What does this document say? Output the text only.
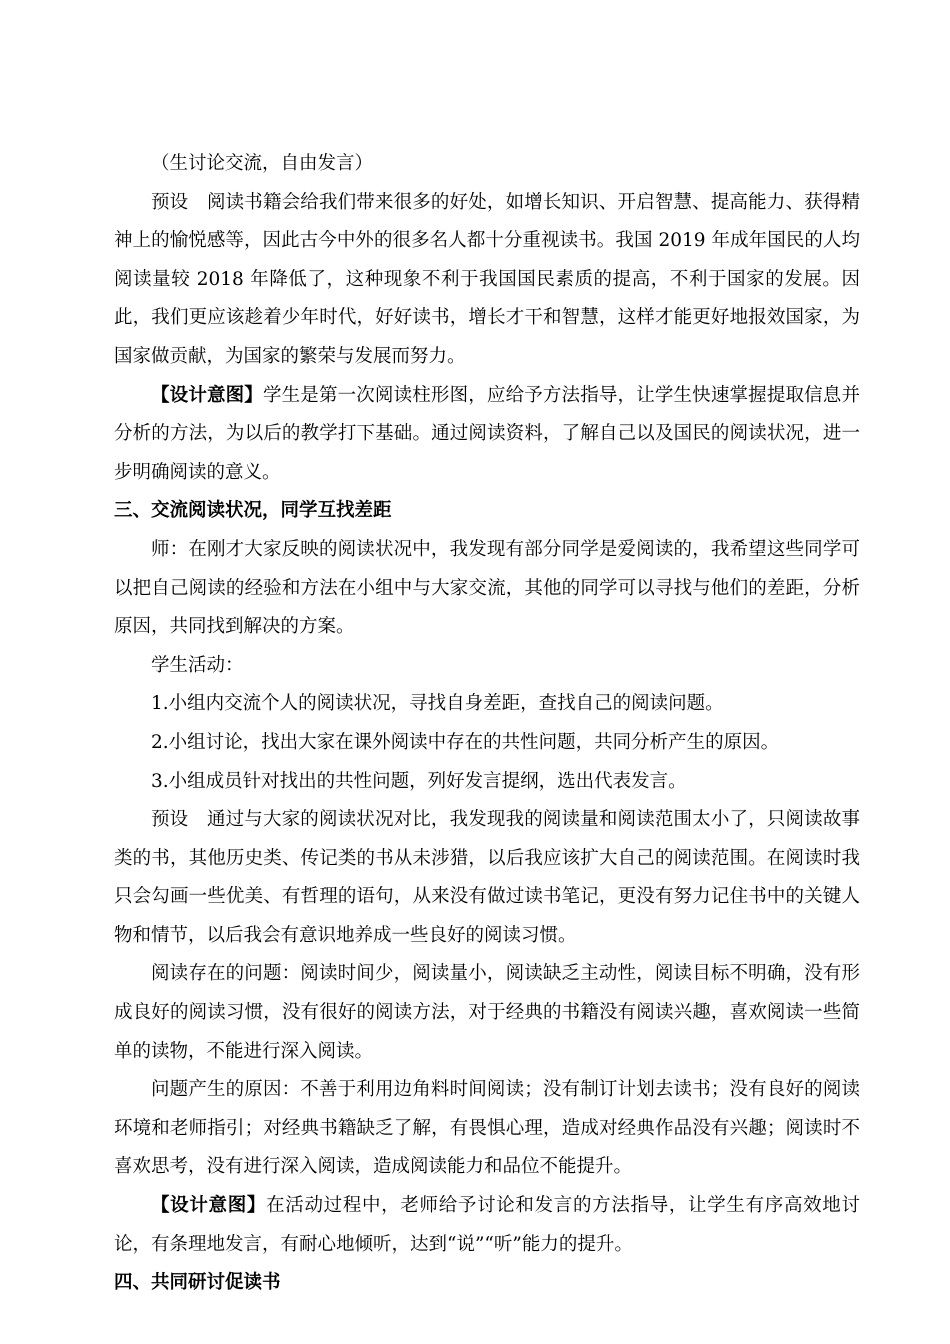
（生讨论交流，自由发言）

预设 阅读书籍会给我们带来很多的好处，如增长知识、开启智慧、提高能力、获得精神上的愉悦感等，因此古今中外的很多名人都十分重视读书。我国 2019 年成年国民的人均阅读量较 2018 年降低了，这种现象不利于我国国民素质的提高，不利于国家的发展。因此，我们更应该趁着少年时代，好好读书，增长才干和智慧，这样才能更好地报效国家，为国家做贡献，为国家的繁荣与发展而努力。

【设计意图】学生是第一次阅读柱形图，应给予方法指导，让学生快速掌握提取信息并分析的方法，为以后的教学打下基础。通过阅读资料，了解自己以及国民的阅读状况，进一步明确阅读的意义。

三、交流阅读状况，同学互找差距

师：在刚才大家反映的阅读状况中，我发现有部分同学是爱阅读的，我希望这些同学可以把自己阅读的经验和方法在小组中与大家交流，其他的同学可以寻找与他们的差距，分析原因，共同找到解决的方案。

学生活动：

1.小组内交流个人的阅读状况，寻找自身差距，查找自己的阅读问题。

2.小组讨论，找出大家在课外阅读中存在的共性问题，共同分析产生的原因。

3.小组成员针对找出的共性问题，列好发言提纲，选出代表发言。

预设 通过与大家的阅读状况对比，我发现我的阅读量和阅读范围太小了，只阅读故事类的书，其他历史类、传记类的书从未涉猎，以后我应该扩大自己的阅读范围。在阅读时我只会勾画一些优美、有哲理的语句，从来没有做过读书笔记，更没有努力记住书中的关键人物和情节，以后我会有意识地养成一些良好的阅读习惯。

阅读存在的问题：阅读时间少，阅读量小，阅读缺乏主动性，阅读目标不明确，没有形成良好的阅读习惯，没有很好的阅读方法，对于经典的书籍没有阅读兴趣，喜欢阅读一些简单的读物，不能进行深入阅读。

问题产生的原因：不善于利用边角料时间阅读；没有制订计划去读书；没有良好的阅读环境和老师指引；对经典书籍缺乏了解，有畏惧心理，造成对经典作品没有兴趣；阅读时不喜欢思考，没有进行深入阅读，造成阅读能力和品位不能提升。

【设计意图】在活动过程中，老师给予讨论和发言的方法指导，让学生有序高效地讨论，有条理地发言，有耐心地倾听，达到“说”“听”能力的提升。

四、共同研讨促读书
